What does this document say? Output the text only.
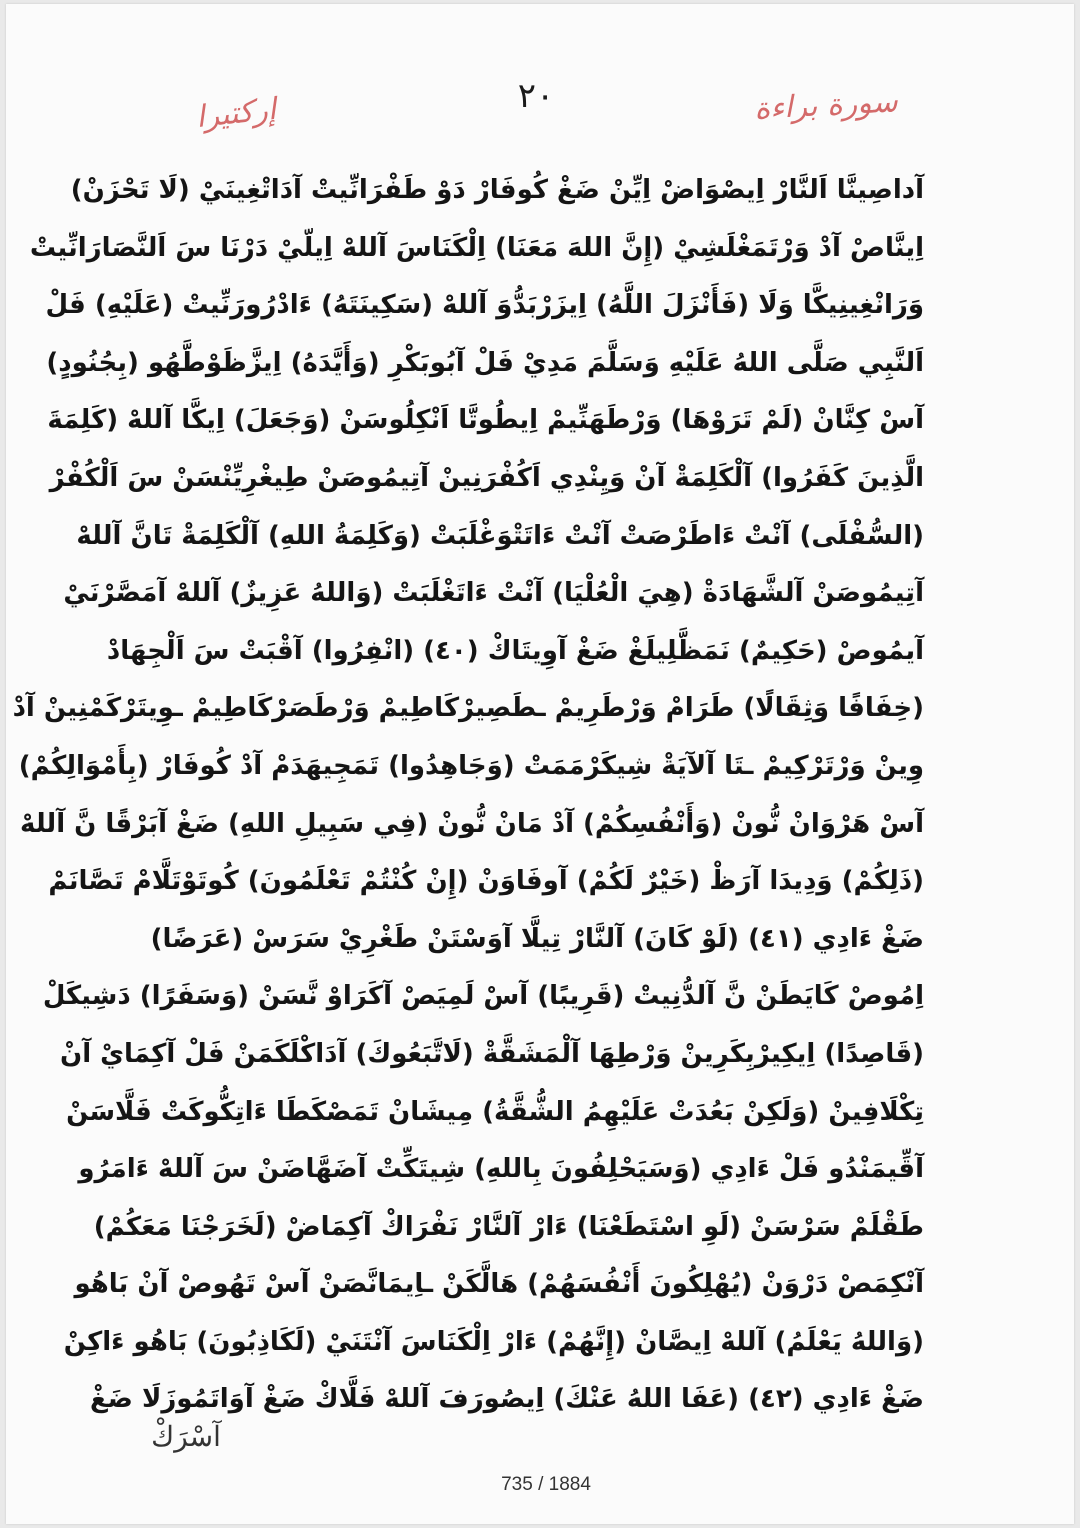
٢٠	سورة براءة
إركتيرا
آداصِينَّا اَلنَّارْ اِيصْوَاضْ اِيِّنْ ضَغْ كُوفَارْ دَوْ طَفْرَانِّيتْ آدَاتْغِينَيْ (لَا تَحْزَنْ)
اِينَّاصْ آدْ وَرْتَمَغْلَشِيْ (إِنَّ اللهَ مَعَنَا) اِلْكَنَاسَ آللهْ اِيلّيْ دَرْنَا سَ اَلنَّصَارَانِّيتْ
وَرَانْغِينِيكَّا وَلَا (فَأَنْزَلَ اللَّهُ) اِيزَرْبَدُّوَ آللهْ (سَكِينَتَهُ) ءَادْرُورَنِّيتْ (عَلَيْهِ) فَلْ
اَلنَّبِي صَلَّى اللهُ عَلَيْهِ وَسَلَّمَ مَدِيْ فَلْ آبُوبَكْرِ (وَأَيَّدَهُ) اِيزَّظَوْطَّهُو (بِجُنُودٍ)
آسْ كِنَّانْ (لَمْ تَرَوْهَا) وَرْطَهَنِّيمْ اِيطُوتَّا اَنْكِلُوسَنْ (وَجَعَلَ) اِيكَّا آللهْ (كَلِمَةَ
الَّذِينَ كَفَرُوا) آلْكَلِمَةْ آنْ وَيِنْدِي اَكُفْرَنِينْ آتِيمُوصَنْ طِيغْرِيِّنْسَنْ سَ اَلْكُفْرْ
(السُّفْلَى) آنْتْ ءَاطَرْصَتْ آنْتْ ءَاتَتْوَغْلَبَتْ (وَكَلِمَةُ اللهِ) آلْكَلِمَةْ تَانَّ آللهْ
آتِيمُوصَنْ آلشَّهَادَةْ (هِيَ الْعُلْيَا) آنْتْ ءَاتَغْلَبَتْ (وَاللهُ عَزِيزٌ) آللهْ آمَصَّرْنَيْ
آيمُوصْ (حَكِيمٌ) نَمَظَّلِيلَغْ ضَغْ آوِيتَاكْ (٤٠) (انْفِرُوا) آقْبَتْ سَ اَلْجِهَادْ
(خِفَافًا وَثِقَالًا) طَرَامْ وَرْطَرِيمْ ـطَصِيرْكَاطِيمْ وَرْطَصَرْكَاطِيمْ ـوِيتَرْكَمْنِينْ آدْ
وِينْ وَرْتَرْكِيمْ ـتَا آلآيَةْ شِيكَرْمَمَتْ (وَجَاهِدُوا) تَمَجِيهَدَمْ آدْ كُوفَارْ (بِأَمْوَالِكُمْ)
آسْ هَرْوَانْ نُّونْ (وَأَنْفُسِكُمْ) آدْ مَانْ نُّونْ (فِي سَبِيلِ اللهِ) ضَغْ آبَرْقًا نَّ آللهْ
(ذَلِكُمْ) وَدِيدَا آرَظْ (خَيْرٌ لَكُمْ) آوفَاوَنْ (إِنْ كُنْتُمْ تَعْلَمُونَ) كُوتَوْتَلَّامْ تَصَّانَمْ
ضَغْ ءَادِي (٤١) (لَوْ كَانَ) آلنَّارْ تِيلَّا آوَسْتَنْ طَغْرِيْ سَرَسْ (عَرَضًا)
اِمُوصْ كَايَطَنْ نَّ آلدُّنِيتْ (قَرِيبًا) آسْ لَمِيَصْ آكَرَاوْ نَّسَنْ (وَسَفَرًا) دَشِيكَلْ
(قَاصِدًا) اِيكِيرْبِكَرِينْ وَرْطِهَا آلْمَشَقَّةْ (لَاتَّبَعُوكَ) آدَاكْلَكَمَنْ فَلْ آكِمَايْ آنْ
تِكْلَافِينْ (وَلَكِنْ بَعُدَتْ عَلَيْهِمُ الشُّقَّةُ) مِيشَانْ تَمَصْكَطَا ءَاتِكُّوكَتْ فَلَّاسَنْ
آقِّيمَنْدُو فَلْ ءَادِي (وَسَيَحْلِفُونَ بِاللهِ) شِيتَكِّتْ آضَهَّاضَنْ سَ آللهْ ءَامَرُو
طَقْلَمْ سَرْسَنْ (لَوِ اسْتَطَعْنَا) ءَارْ آلنَّارْ نَفْرَاكْ آكِمَاضْ (لَخَرَجْنَا مَعَكُمْ)
آنْكِمَصْ دَرْوَنْ (يُهْلِكُونَ أَنْفُسَهُمْ) هَالَّكَنْ ـاِيمَانَّصَنْ آسْ تَهُوصْ آنْ بَاهُو
(وَاللهُ يَعْلَمُ) آللهْ اِيصَّانْ (إِنَّهُمْ) ءَارْ اِلْكَنَاسَ آنْتَنَيْ (لَكَاذِبُونَ) بَاهُو ءَاكِنْ
ضَغْ ءَادِي (٤٢) (عَفَا اللهُ عَنْكَ) اِيصُورَفَ آللهْ فَلَّاكْ ضَغْ آوَاتَمُوزَلَا ضَغْ
آسْرَكْ
735 / 1884
